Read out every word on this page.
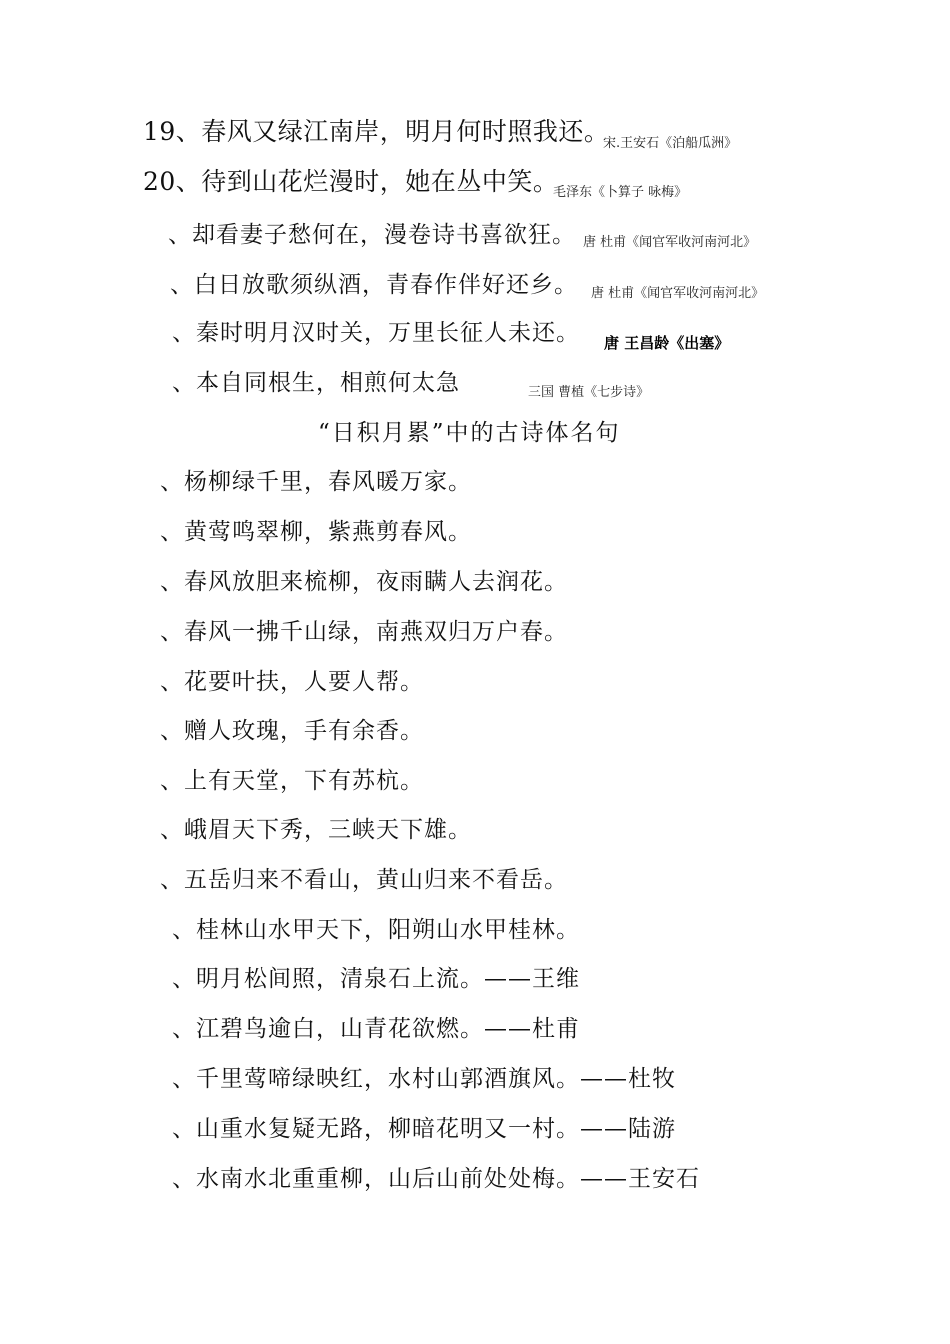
19、春风又绿江南岸，明月何时照我还。
宋.王安石《泊船瓜洲》
20、待到山花烂漫时，她在丛中笑。
毛泽东《卜算子 咏梅》
、却看妻子愁何在，漫卷诗书喜欲狂。 唐 杜甫《闻官军收河南河北》
、白日放歌须纵酒，青春作伴好还乡。 唐 杜甫《闻官军收河南河北》
、秦时明月汉时关，万里长征人未还。 唐 王昌龄《出塞》
、本自同根生，相煎何太急	三国 曹植《七步诗》
“日积月累”中的古诗体名句
、杨柳绿千里，春风暖万家。
、黄莺鸣翠柳，紫燕剪春风。
、春风放胆来梳柳，夜雨瞒人去润花。
、春风一拂千山绿，南燕双归万户春。
、花要叶扶，人要人帮。
、赠人玫瑰，手有余香。
、上有天堂，下有苏杭。
、峨眉天下秀，三峡天下雄。
、五岳归来不看山，黄山归来不看岳。
、桂林山水甲天下，阳朔山水甲桂林。
、明月松间照，清泉石上流。——王维
、江碧鸟逾白，山青花欲燃。——杜甫
、千里莺啼绿映红，水村山郭酒旗风。——杜牧
、山重水复疑无路，柳暗花明又一村。——陆游
、水南水北重重柳，山后山前处处梅。——王安石
